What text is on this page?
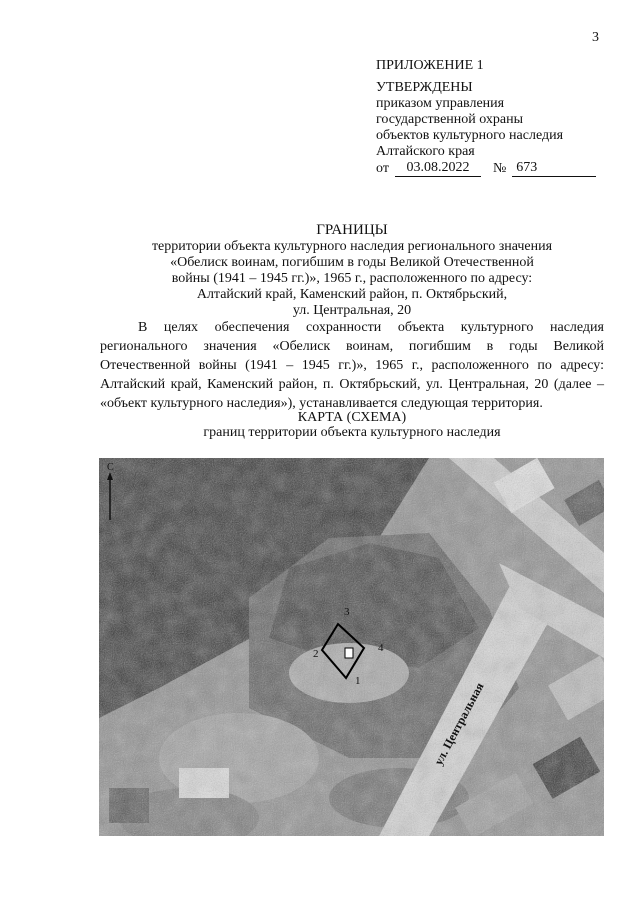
3
ПРИЛОЖЕНИЕ 1
УТВЕРЖДЕНЫ
приказом управления
государственной охраны
объектов культурного наследия
Алтайского края
от	03.08.2022	№ 673
ГРАНИЦЫ
территории объекта культурного наследия регионального значения
«Обелиск воинам, погибшим в годы Великой Отечественной
войны (1941 – 1945 гг.)», 1965 г., расположенного по адресу:
Алтайский край, Каменский район, п. Октябрьский,
ул. Центральная, 20
В целях обеспечения сохранности объекта культурного наследия регионального значения «Обелиск воинам, погибшим в годы Великой Отечественной войны (1941 – 1945 гг.)», 1965 г., расположенного по адресу: Алтайский край, Каменский район, п. Октябрьский, ул. Центральная, 20 (далее – «объект культурного наследия»), устанавливается следующая территория.
КАРТА (СХЕМА)
границ территории объекта культурного наследия
1
2
3
4
С
ул. Центральная
